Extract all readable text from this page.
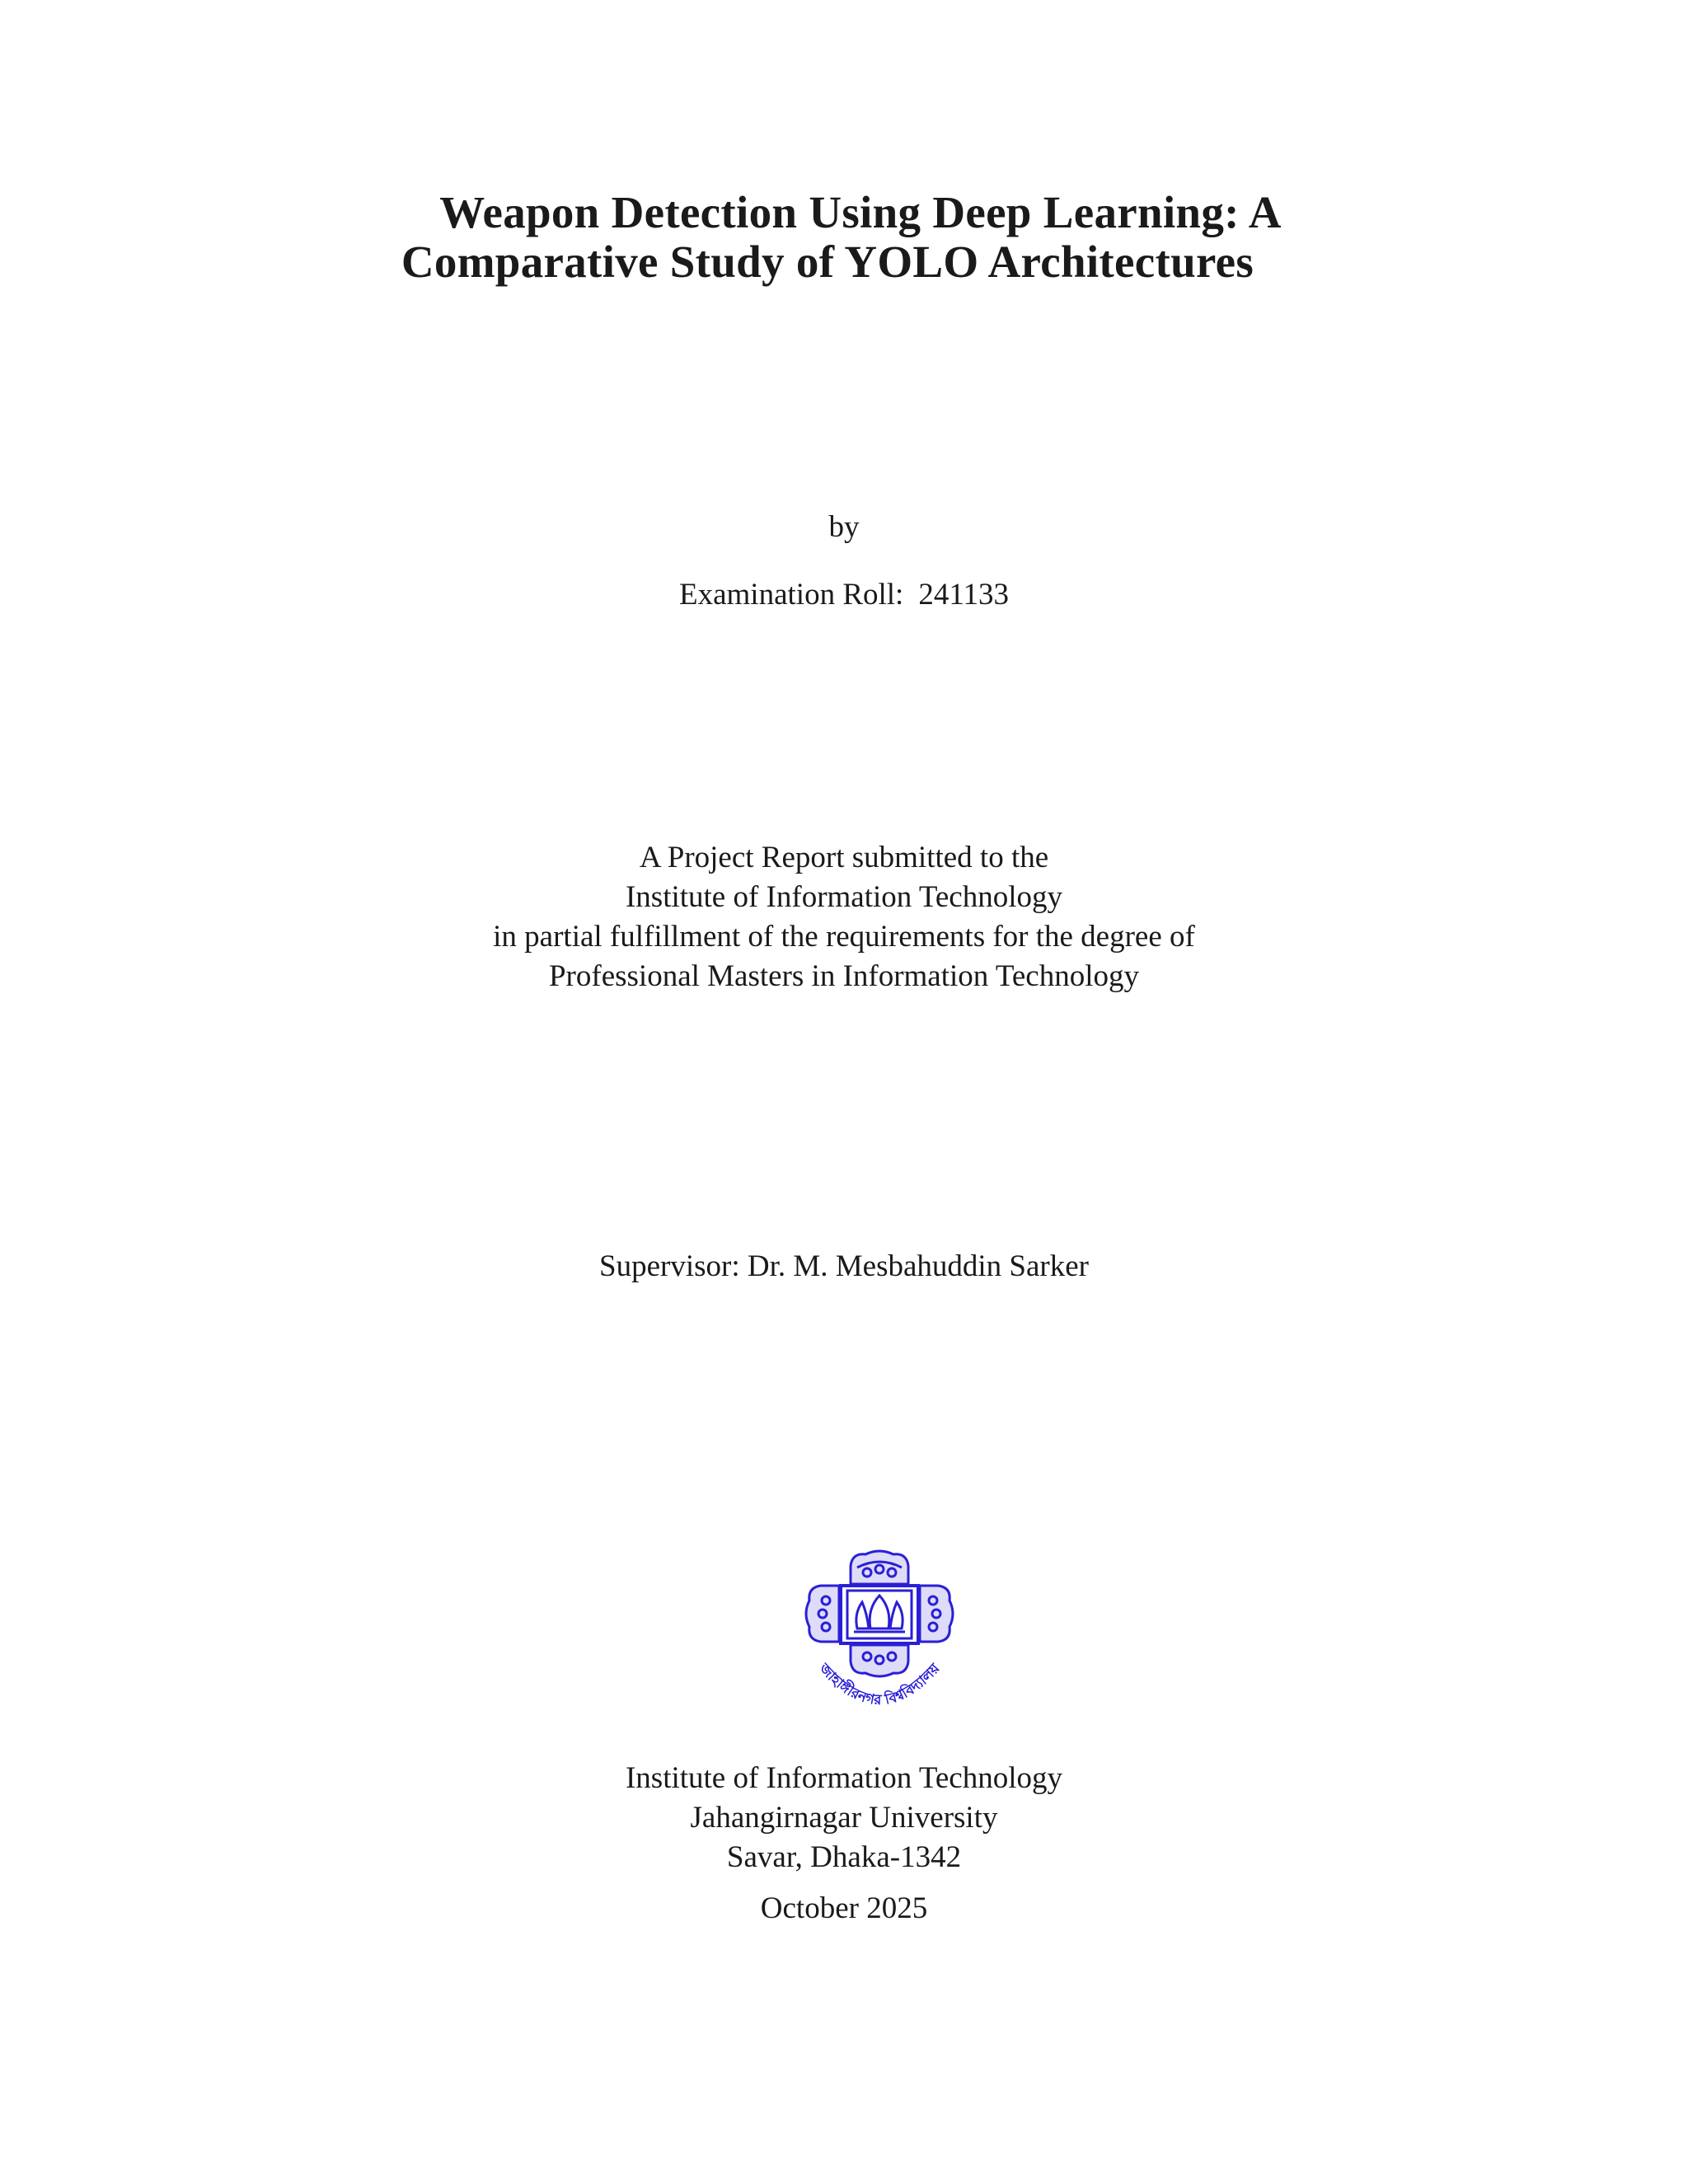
Weapon Detection Using Deep Learning: A
Comparative Study of YOLO Architectures
by
Examination Roll: 241133
A Project Report submitted to the
Institute of Information Technology
in partial fulfillment of the requirements for the degree of
Professional Masters in Information Technology
Supervisor: Dr. M. Mesbahuddin Sarker
জাহাঙ্গীরনগর বিশ্ববিদ্যালয়
Institute of Information Technology
Jahangirnagar University
Savar, Dhaka-1342
October 2025
